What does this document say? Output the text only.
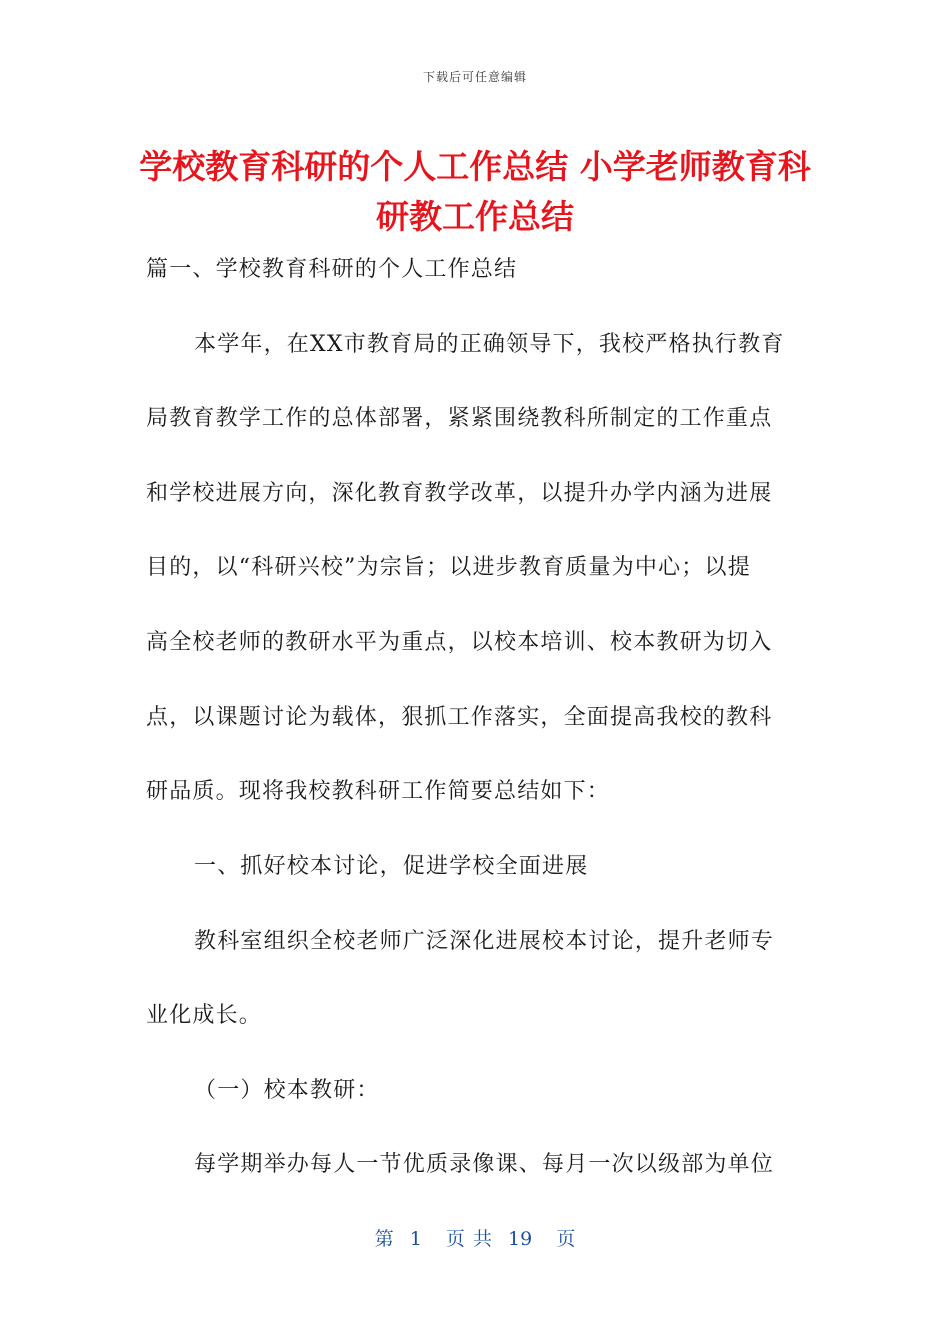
下载后可任意编辑
学校教育科研的个人工作总结 小学老师教育科研教工作总结
篇一、学校教育科研的个人工作总结
本学年，在XX市教育局的正确领导下，我校严格执行教育
局教育教学工作的总体部署，紧紧围绕教科所制定的工作重点
和学校进展方向，深化教育教学改革，以提升办学内涵为进展
目的，以“科研兴校”为宗旨；以进步教育质量为中心；以提
高全校老师的教研水平为重点，以校本培训、校本教研为切入
点，以课题讨论为载体，狠抓工作落实，全面提高我校的教科
研品质。现将我校教科研工作简要总结如下：
一、抓好校本讨论，促进学校全面进展
教科室组织全校老师广泛深化进展校本讨论，提升老师专
业化成长。
（一）校本教研：
每学期举办每人一节优质录像课、每月一次以级部为单位
第  1   页 共  19   页
